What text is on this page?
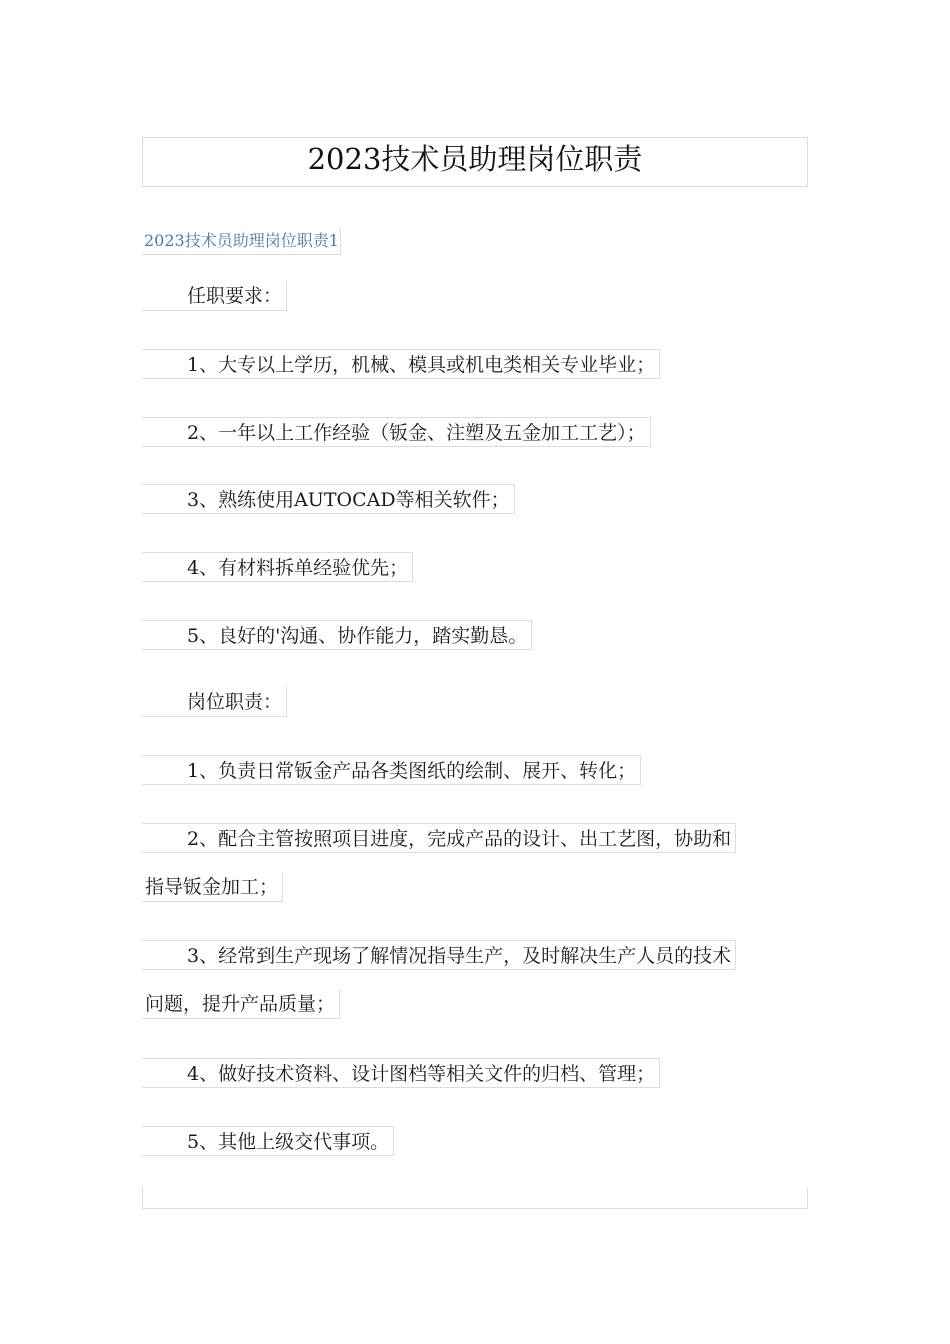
2023技术员助理岗位职责
2023技术员助理岗位职责1
任职要求：
1、大专以上学历，机械、模具或机电类相关专业毕业；
2、一年以上工作经验（钣金、注塑及五金加工工艺）；
3、熟练使用AUTOCAD等相关软件；
4、有材料拆单经验优先；
5、良好的'沟通、协作能力，踏实勤恳。
岗位职责：
1、负责日常钣金产品各类图纸的绘制、展开、转化；
2、配合主管按照项目进度，完成产品的设计、出工艺图，协助和
指导钣金加工；
3、经常到生产现场了解情况指导生产，及时解决生产人员的技术
问题，提升产品质量；
4、做好技术资料、设计图档等相关文件的归档、管理；
5、其他上级交代事项。
